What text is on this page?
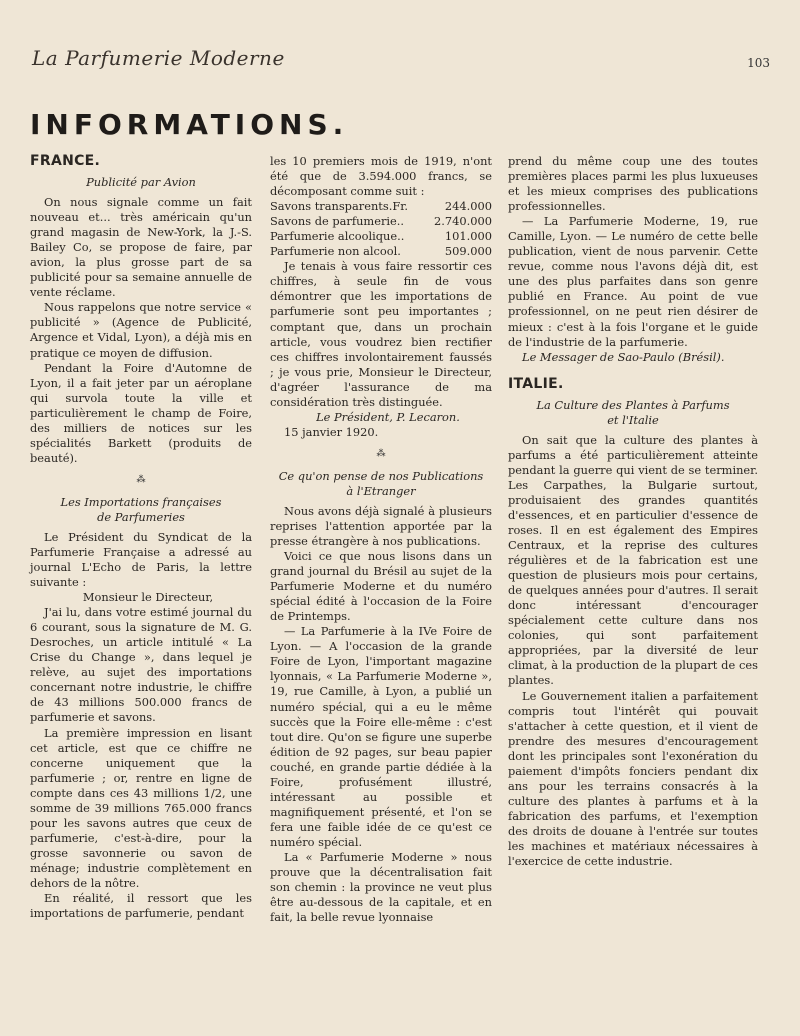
La Parfumerie Moderne	103
INFORMATIONS.
FRANCE.
Publicité par Avion

On nous signale comme un fait nouveau et... très américain qu'un grand magasin de New-York, la J.-S. Bailey Co, se propose de faire, par avion, la plus grosse part de sa publicité pour sa semaine annuelle de vente réclame.

Nous rappelons que notre service « publicité » (Agence de Publicité, Argence et Vidal, Lyon), a déjà mis en pratique ce moyen de diffusion.

Pendant la Foire d'Automne de Lyon, il a fait jeter par un aéroplane qui survola toute la ville et particulièrement le champ de Foire, des milliers de notices sur les spécialités Barkett (produits de beauté).

⁂
Les Importations françaises
de Parfumeries

Le Président du Syndicat de la Parfumerie Française a adressé au journal L'Echo de Paris, la lettre suivante :

Monsieur le Directeur,

J'ai lu, dans votre estimé journal du 6 courant, sous la signature de M. G. Desroches, un article intitulé « La Crise du Change », dans lequel je relève, au sujet des importations concernant notre industrie, le chiffre de 43 millions 500.000 francs de parfumerie et savons.

La première impression en lisant cet article, est que ce chiffre ne concerne uniquement que la parfumerie ; or, rentre en ligne de compte dans ces 43 millions 1/2, une somme de 39 millions 765.000 francs pour les savons autres que ceux de parfumerie, c'est-à-dire, pour la grosse savonnerie ou savon de ménage; industrie complètement en dehors de la nôtre.

En réalité, il ressort que les importations de parfumerie, pendant

les 10 premiers mois de 1919, n'ont été que de 3.594.000 francs, se décomposant comme suit :

Savons transparents.Fr.	244.000
Savons de parfumerie..	2.740.000
Parfumerie alcoolique..	101.000
Parfumerie non alcool.	509.000

Je tenais à vous faire ressortir ces chiffres, à seule fin de vous démontrer que les importations de parfumerie sont peu importantes ; comptant que, dans un prochain article, vous voudrez bien rectifier ces chiffres involontairement faussés ; je vous prie, Monsieur le Directeur, d'agréer l'assurance de ma considération très distinguée.

Le Président, P. Lecaron.

15 janvier 1920.

⁂
Ce qu'on pense de nos Publications
à l'Etranger

Nous avons déjà signalé à plusieurs reprises l'attention apportée par la presse étrangère à nos publications.

Voici ce que nous lisons dans un grand journal du Brésil au sujet de la Parfumerie Moderne et du numéro spécial édité à l'occasion de la Foire de Printemps.

— La Parfumerie à la IVe Foire de Lyon. — A l'occasion de la grande Foire de Lyon, l'important magazine lyonnais, « La Parfumerie Moderne », 19, rue Camille, à Lyon, a publié un numéro spécial, qui a eu le même succès que la Foire elle-même : c'est tout dire. Qu'on se figure une superbe édition de 92 pages, sur beau papier couché, en grande partie dédiée à la Foire, profusément illustré, intéressant au possible et magnifiquement présenté, et l'on se fera une faible idée de ce qu'est ce numéro spécial.

La « Parfumerie Moderne » nous prouve que la décentralisation fait son chemin : la province ne veut plus être au-dessous de la capitale, et en fait, la belle revue lyonnaise

prend du même coup une des toutes premières places parmi les plus luxueuses et les mieux comprises des publications professionnelles.

— La Parfumerie Moderne, 19, rue Camille, Lyon. — Le numéro de cette belle publication, vient de nous parvenir. Cette revue, comme nous l'avons déjà dit, est une des plus parfaites dans son genre publié en France. Au point de vue professionnel, on ne peut rien désirer de mieux : c'est à la fois l'organe et le guide de l'industrie de la parfumerie.

Le Messager de Sao-Paulo (Brésil).

ITALIE.
La Culture des Plantes à Parfums
et l'Italie

On sait que la culture des plantes à parfums a été particulièrement atteinte pendant la guerre qui vient de se terminer. Les Carpathes, la Bulgarie surtout, produisaient des grandes quantités d'essences, et en particulier d'essence de roses. Il en est également des Empires Centraux, et la reprise des cultures régulières et de la fabrication est une question de plusieurs mois pour certains, de quelques années pour d'autres. Il serait donc intéressant d'encourager spécialement cette culture dans nos colonies, qui sont parfaitement appropriées, par la diversité de leur climat, à la production de la plupart de ces plantes.

Le Gouvernement italien a parfaitement compris tout l'intérêt qui pouvait s'attacher à cette question, et il vient de prendre des mesures d'encouragement dont les principales sont l'exonération du paiement d'impôts fonciers pendant dix ans pour les terrains consacrés à la culture des plantes à parfums et à la fabrication des parfums, et l'exemption des droits de douane à l'entrée sur toutes les machines et matériaux nécessaires à l'exercice de cette industrie.
